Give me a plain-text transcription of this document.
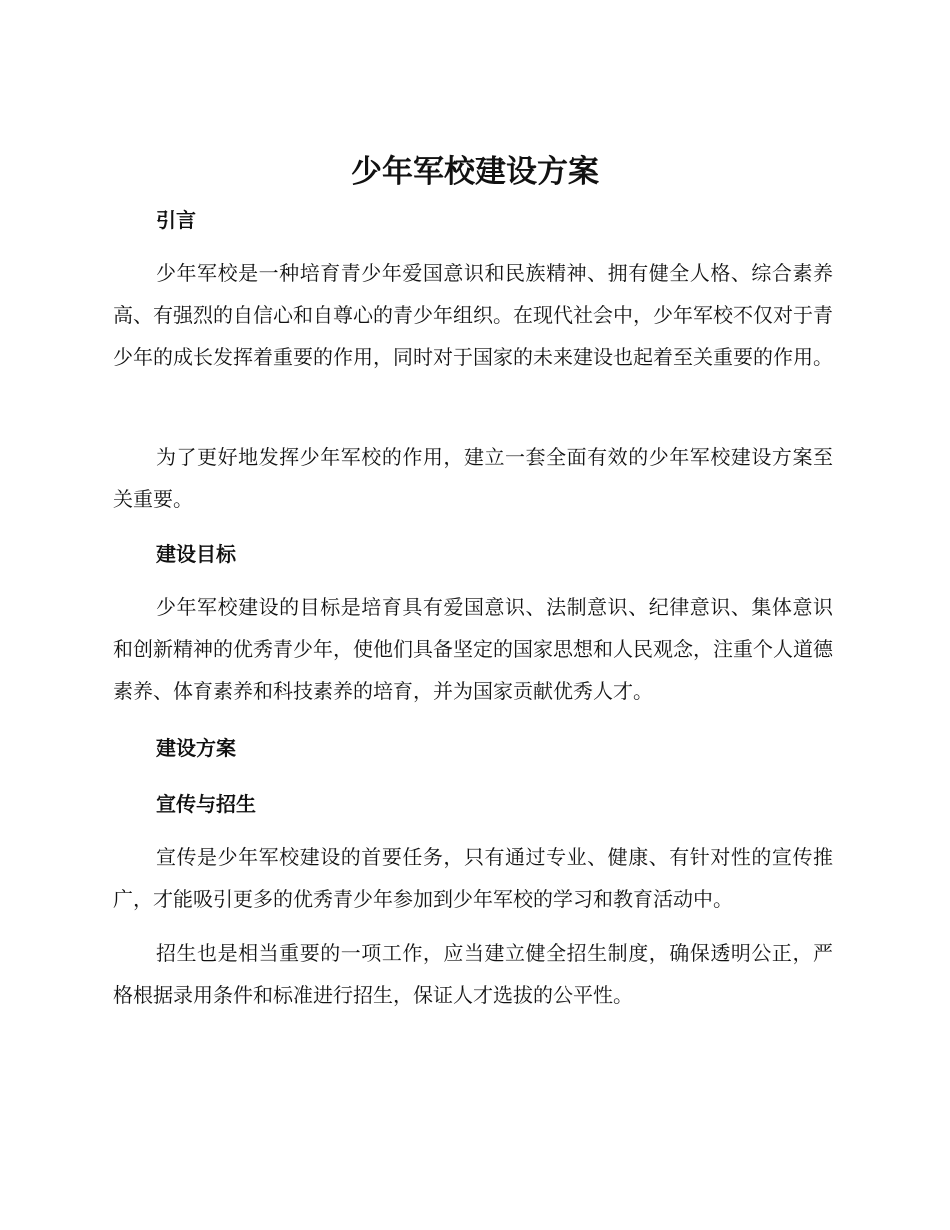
少年军校建设方案
引言

少年军校是一种培育青少年爱国意识和民族精神、拥有健全人格、综合素养高、有强烈的自信心和自尊心的青少年组织。在现代社会中，少年军校不仅对于青少年的成长发挥着重要的作用，同时对于国家的未来建设也起着至关重要的作用。

为了更好地发挥少年军校的作用，建立一套全面有效的少年军校建设方案至关重要。

建设目标

少年军校建设的目标是培育具有爱国意识、法制意识、纪律意识、集体意识和创新精神的优秀青少年，使他们具备坚定的国家思想和人民观念，注重个人道德素养、体育素养和科技素养的培育，并为国家贡献优秀人才。

建设方案
宣传与招生

宣传是少年军校建设的首要任务，只有通过专业、健康、有针对性的宣传推广，才能吸引更多的优秀青少年参加到少年军校的学习和教育活动中。

招生也是相当重要的一项工作，应当建立健全招生制度，确保透明公正，严格根据录用条件和标准进行招生，保证人才选拔的公平性。
